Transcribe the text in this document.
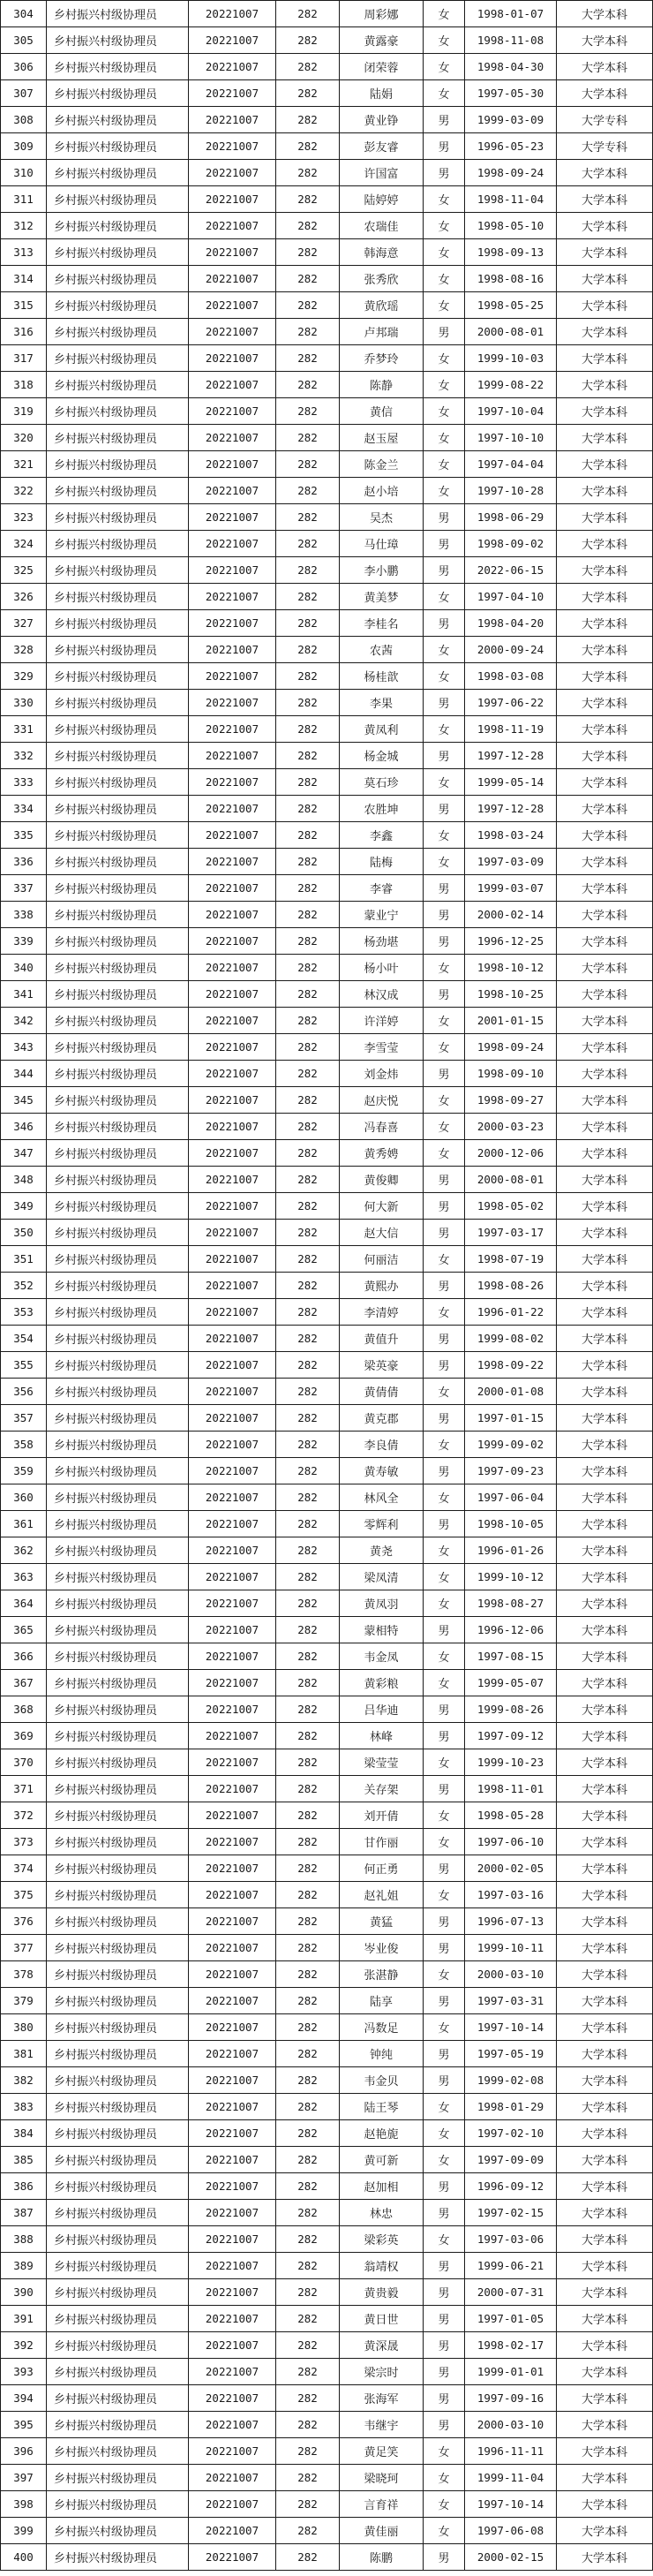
304	乡村振兴村级协理员	20221007	282	周彩娜	女	1998-01-07	大学本科
305	乡村振兴村级协理员	20221007	282	黄露豪	女	1998-11-08	大学本科
306	乡村振兴村级协理员	20221007	282	闭荣蓉	女	1998-04-30	大学本科
307	乡村振兴村级协理员	20221007	282	陆娟	女	1997-05-30	大学本科
308	乡村振兴村级协理员	20221007	282	黄业铮	男	1999-03-09	大学专科
309	乡村振兴村级协理员	20221007	282	彭友睿	男	1996-05-23	大学专科
310	乡村振兴村级协理员	20221007	282	许国富	男	1998-09-24	大学本科
311	乡村振兴村级协理员	20221007	282	陆婷婷	女	1998-11-04	大学本科
312	乡村振兴村级协理员	20221007	282	农瑞佳	女	1998-05-10	大学本科
313	乡村振兴村级协理员	20221007	282	韩海意	女	1998-09-13	大学本科
314	乡村振兴村级协理员	20221007	282	张秀欣	女	1998-08-16	大学本科
315	乡村振兴村级协理员	20221007	282	黄欣瑶	女	1998-05-25	大学本科
316	乡村振兴村级协理员	20221007	282	卢邦瑞	男	2000-08-01	大学本科
317	乡村振兴村级协理员	20221007	282	乔梦玲	女	1999-10-03	大学本科
318	乡村振兴村级协理员	20221007	282	陈静	女	1999-08-22	大学本科
319	乡村振兴村级协理员	20221007	282	黄信	女	1997-10-04	大学本科
320	乡村振兴村级协理员	20221007	282	赵玉屋	女	1997-10-10	大学本科
321	乡村振兴村级协理员	20221007	282	陈金兰	女	1997-04-04	大学本科
322	乡村振兴村级协理员	20221007	282	赵小培	女	1997-10-28	大学本科
323	乡村振兴村级协理员	20221007	282	吴杰	男	1998-06-29	大学本科
324	乡村振兴村级协理员	20221007	282	马仕璋	男	1998-09-02	大学本科
325	乡村振兴村级协理员	20221007	282	李小鹏	男	2022-06-15	大学本科
326	乡村振兴村级协理员	20221007	282	黄美梦	女	1997-04-10	大学本科
327	乡村振兴村级协理员	20221007	282	李桂名	男	1998-04-20	大学本科
328	乡村振兴村级协理员	20221007	282	农茜	女	2000-09-24	大学本科
329	乡村振兴村级协理员	20221007	282	杨桂歆	女	1998-03-08	大学本科
330	乡村振兴村级协理员	20221007	282	李果	男	1997-06-22	大学本科
331	乡村振兴村级协理员	20221007	282	黄凤利	女	1998-11-19	大学本科
332	乡村振兴村级协理员	20221007	282	杨金城	男	1997-12-28	大学本科
333	乡村振兴村级协理员	20221007	282	莫石珍	女	1999-05-14	大学本科
334	乡村振兴村级协理员	20221007	282	农胜坤	男	1997-12-28	大学本科
335	乡村振兴村级协理员	20221007	282	李鑫	女	1998-03-24	大学本科
336	乡村振兴村级协理员	20221007	282	陆梅	女	1997-03-09	大学本科
337	乡村振兴村级协理员	20221007	282	李睿	男	1999-03-07	大学本科
338	乡村振兴村级协理员	20221007	282	蒙业宁	男	2000-02-14	大学本科
339	乡村振兴村级协理员	20221007	282	杨劲堪	男	1996-12-25	大学本科
340	乡村振兴村级协理员	20221007	282	杨小叶	女	1998-10-12	大学本科
341	乡村振兴村级协理员	20221007	282	林汉成	男	1998-10-25	大学本科
342	乡村振兴村级协理员	20221007	282	许洋婷	女	2001-01-15	大学本科
343	乡村振兴村级协理员	20221007	282	李雪莹	女	1998-09-24	大学本科
344	乡村振兴村级协理员	20221007	282	刘金炜	男	1998-09-10	大学本科
345	乡村振兴村级协理员	20221007	282	赵庆悦	女	1998-09-27	大学本科
346	乡村振兴村级协理员	20221007	282	冯春喜	女	2000-03-23	大学本科
347	乡村振兴村级协理员	20221007	282	黄秀娉	女	2000-12-06	大学本科
348	乡村振兴村级协理员	20221007	282	黄俊卿	男	2000-08-01	大学本科
349	乡村振兴村级协理员	20221007	282	何大新	男	1998-05-02	大学本科
350	乡村振兴村级协理员	20221007	282	赵大信	男	1997-03-17	大学本科
351	乡村振兴村级协理员	20221007	282	何丽洁	女	1998-07-19	大学本科
352	乡村振兴村级协理员	20221007	282	黄熙办	男	1998-08-26	大学本科
353	乡村振兴村级协理员	20221007	282	李清婷	女	1996-01-22	大学本科
354	乡村振兴村级协理员	20221007	282	黄值升	男	1999-08-02	大学本科
355	乡村振兴村级协理员	20221007	282	梁英豪	男	1998-09-22	大学本科
356	乡村振兴村级协理员	20221007	282	黄倩倩	女	2000-01-08	大学本科
357	乡村振兴村级协理员	20221007	282	黄克郡	男	1997-01-15	大学本科
358	乡村振兴村级协理员	20221007	282	李良倩	女	1999-09-02	大学本科
359	乡村振兴村级协理员	20221007	282	黄寿敏	男	1997-09-23	大学本科
360	乡村振兴村级协理员	20221007	282	林风全	女	1997-06-04	大学本科
361	乡村振兴村级协理员	20221007	282	零辉利	男	1998-10-05	大学本科
362	乡村振兴村级协理员	20221007	282	黄尧	女	1996-01-26	大学本科
363	乡村振兴村级协理员	20221007	282	梁凤清	女	1999-10-12	大学本科
364	乡村振兴村级协理员	20221007	282	黄凤羽	女	1998-08-27	大学本科
365	乡村振兴村级协理员	20221007	282	蒙相特	男	1996-12-06	大学本科
366	乡村振兴村级协理员	20221007	282	韦金凤	女	1997-08-15	大学本科
367	乡村振兴村级协理员	20221007	282	黄彩粮	女	1999-05-07	大学本科
368	乡村振兴村级协理员	20221007	282	吕华迪	男	1999-08-26	大学本科
369	乡村振兴村级协理员	20221007	282	林峰	男	1997-09-12	大学本科
370	乡村振兴村级协理员	20221007	282	梁莹莹	女	1999-10-23	大学本科
371	乡村振兴村级协理员	20221007	282	关存架	男	1998-11-01	大学本科
372	乡村振兴村级协理员	20221007	282	刘开倩	女	1998-05-28	大学本科
373	乡村振兴村级协理员	20221007	282	甘作丽	女	1997-06-10	大学本科
374	乡村振兴村级协理员	20221007	282	何正勇	男	2000-02-05	大学本科
375	乡村振兴村级协理员	20221007	282	赵礼姐	女	1997-03-16	大学本科
376	乡村振兴村级协理员	20221007	282	黄猛	男	1996-07-13	大学本科
377	乡村振兴村级协理员	20221007	282	岑业俊	男	1999-10-11	大学本科
378	乡村振兴村级协理员	20221007	282	张湛静	女	2000-03-10	大学本科
379	乡村振兴村级协理员	20221007	282	陆享	男	1997-03-31	大学本科
380	乡村振兴村级协理员	20221007	282	冯数足	女	1997-10-14	大学本科
381	乡村振兴村级协理员	20221007	282	钟纯	男	1997-05-19	大学本科
382	乡村振兴村级协理员	20221007	282	韦金贝	男	1999-02-08	大学本科
383	乡村振兴村级协理员	20221007	282	陆王琴	女	1998-01-29	大学本科
384	乡村振兴村级协理员	20221007	282	赵艳旎	女	1997-02-10	大学本科
385	乡村振兴村级协理员	20221007	282	黄可新	女	1997-09-09	大学本科
386	乡村振兴村级协理员	20221007	282	赵加相	男	1996-09-12	大学本科
387	乡村振兴村级协理员	20221007	282	林忠	男	1997-02-15	大学本科
388	乡村振兴村级协理员	20221007	282	梁彩英	女	1997-03-06	大学本科
389	乡村振兴村级协理员	20221007	282	翁靖权	男	1999-06-21	大学本科
390	乡村振兴村级协理员	20221007	282	黄贵毅	男	2000-07-31	大学本科
391	乡村振兴村级协理员	20221007	282	黄日世	男	1997-01-05	大学本科
392	乡村振兴村级协理员	20221007	282	黄深晟	男	1998-02-17	大学本科
393	乡村振兴村级协理员	20221007	282	梁宗时	男	1999-01-01	大学本科
394	乡村振兴村级协理员	20221007	282	张海军	男	1997-09-16	大学本科
395	乡村振兴村级协理员	20221007	282	韦继宇	男	2000-03-10	大学本科
396	乡村振兴村级协理员	20221007	282	黄足笑	女	1996-11-11	大学本科
397	乡村振兴村级协理员	20221007	282	梁晓珂	女	1999-11-04	大学本科
398	乡村振兴村级协理员	20221007	282	言育祥	女	1997-10-14	大学本科
399	乡村振兴村级协理员	20221007	282	黄佳丽	女	1997-06-08	大学本科
400	乡村振兴村级协理员	20221007	282	陈鹏	男	2000-02-15	大学本科
